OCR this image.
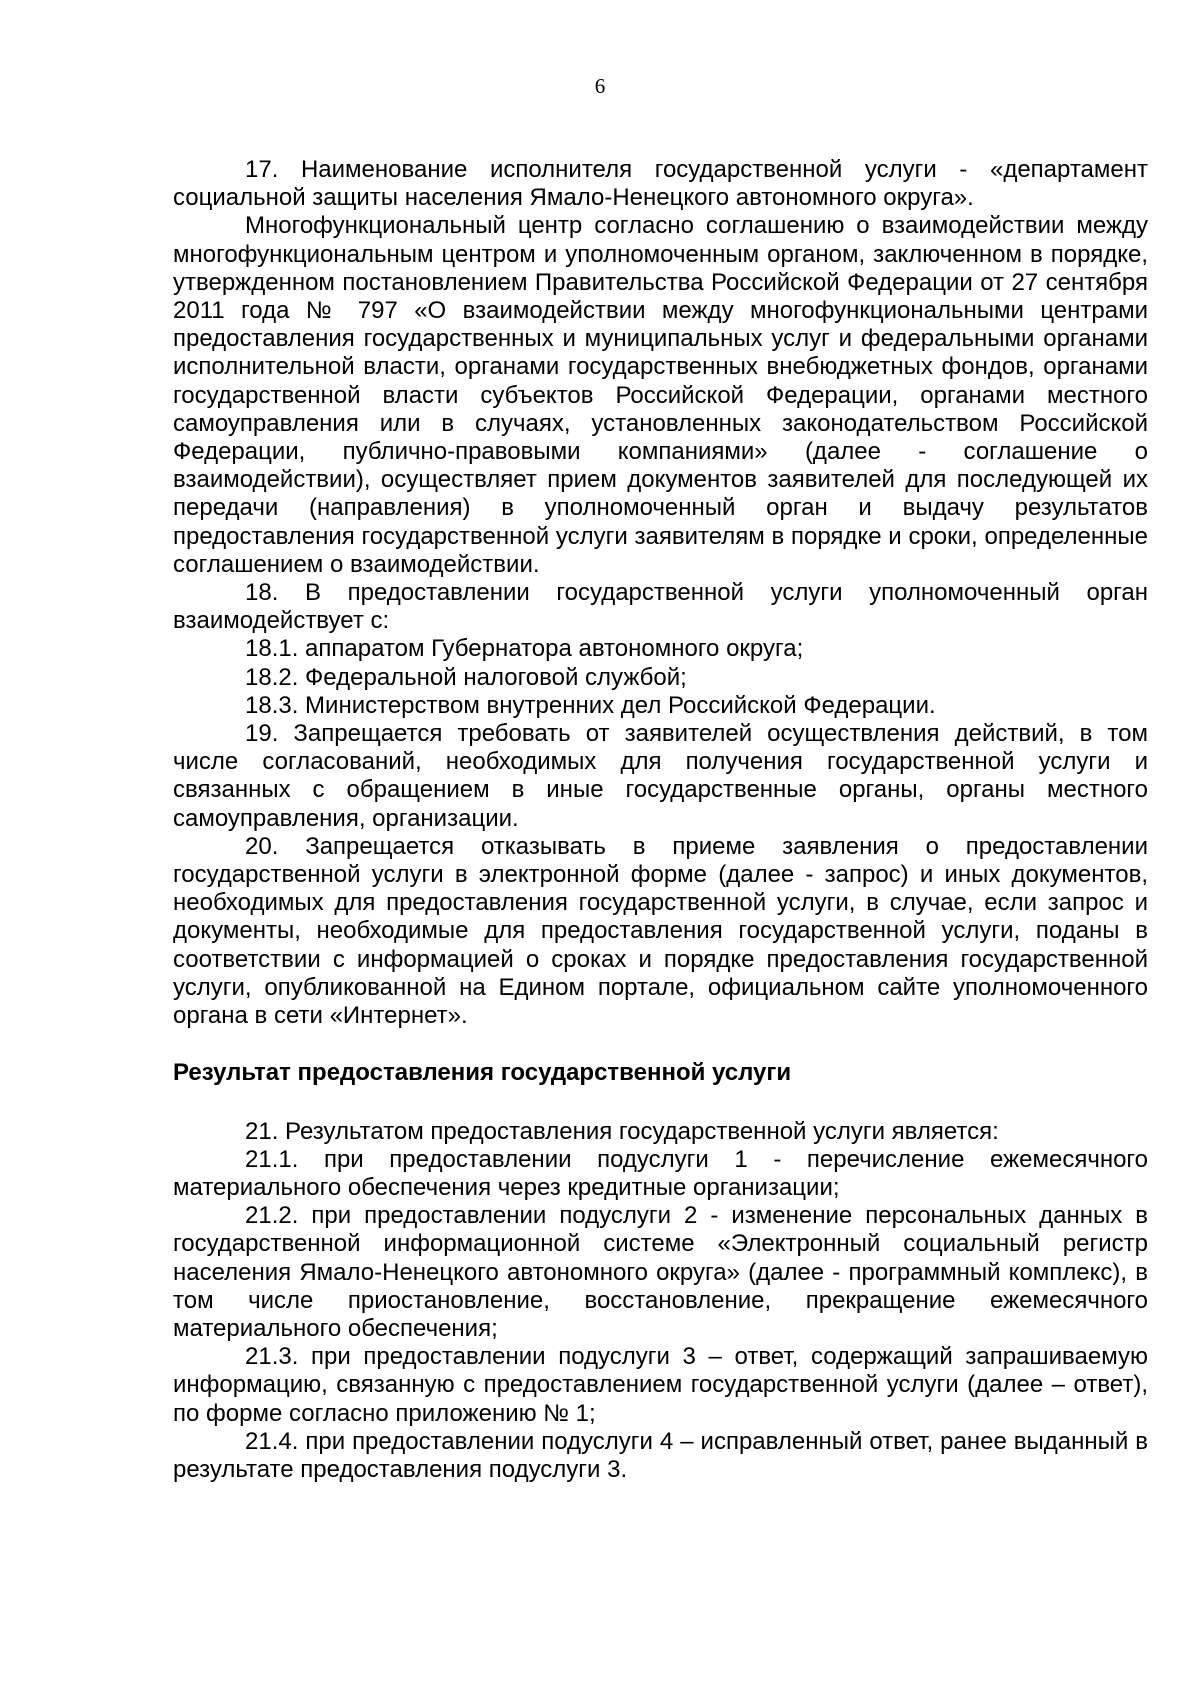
6

17. Наименование исполнителя государственной услуги - «департамент социальной защиты населения Ямало-Ненецкого автономного округа».

Многофункциональный центр согласно соглашению о взаимодействии между многофункциональным центром и уполномоченным органом, заключенном в порядке, утвержденном постановлением Правительства Российской Федерации от 27 сентября 2011 года № 797 «О взаимодействии между многофункциональными центрами предоставления государственных и муниципальных услуг и федеральными органами исполнительной власти, органами государственных внебюджетных фондов, органами государственной власти субъектов Российской Федерации, органами местного самоуправления или в случаях, установленных законодательством Российской Федерации, публично-правовыми компаниями» (далее - соглашение о взаимодействии), осуществляет прием документов заявителей для последующей их передачи (направления) в уполномоченный орган и выдачу результатов предоставления государственной услуги заявителям в порядке и сроки, определенные соглашением о взаимодействии.

18. В предоставлении государственной услуги уполномоченный орган взаимодействует с:

18.1. аппаратом Губернатора автономного округа;

18.2. Федеральной налоговой службой;

18.3. Министерством внутренних дел Российской Федерации.

19. Запрещается требовать от заявителей осуществления действий, в том числе согласований, необходимых для получения государственной услуги и связанных с обращением в иные государственные органы, органы местного самоуправления, организации.

20. Запрещается отказывать в приеме заявления о предоставлении государственной услуги в электронной форме (далее - запрос) и иных документов, необходимых для предоставления государственной услуги, в случае, если запрос и документы, необходимые для предоставления государственной услуги, поданы в соответствии с информацией о сроках и порядке предоставления государственной услуги, опубликованной на Едином портале, официальном сайте уполномоченного органа в сети «Интернет».

Результат предоставления государственной услуги

21. Результатом предоставления государственной услуги является:

21.1. при предоставлении подуслуги 1 - перечисление ежемесячного материального обеспечения через кредитные организации;

21.2. при предоставлении подуслуги 2 - изменение персональных данных в государственной информационной системе «Электронный социальный регистр населения Ямало-Ненецкого автономного округа» (далее - программный комплекс), в том числе приостановление, восстановление, прекращение ежемесячного материального обеспечения;

21.3. при предоставлении подуслуги 3 – ответ, содержащий запрашиваемую информацию, связанную с предоставлением государственной услуги (далее – ответ), по форме согласно приложению № 1;

21.4. при предоставлении подуслуги 4 – исправленный ответ, ранее выданный в результате предоставления подуслуги 3.
